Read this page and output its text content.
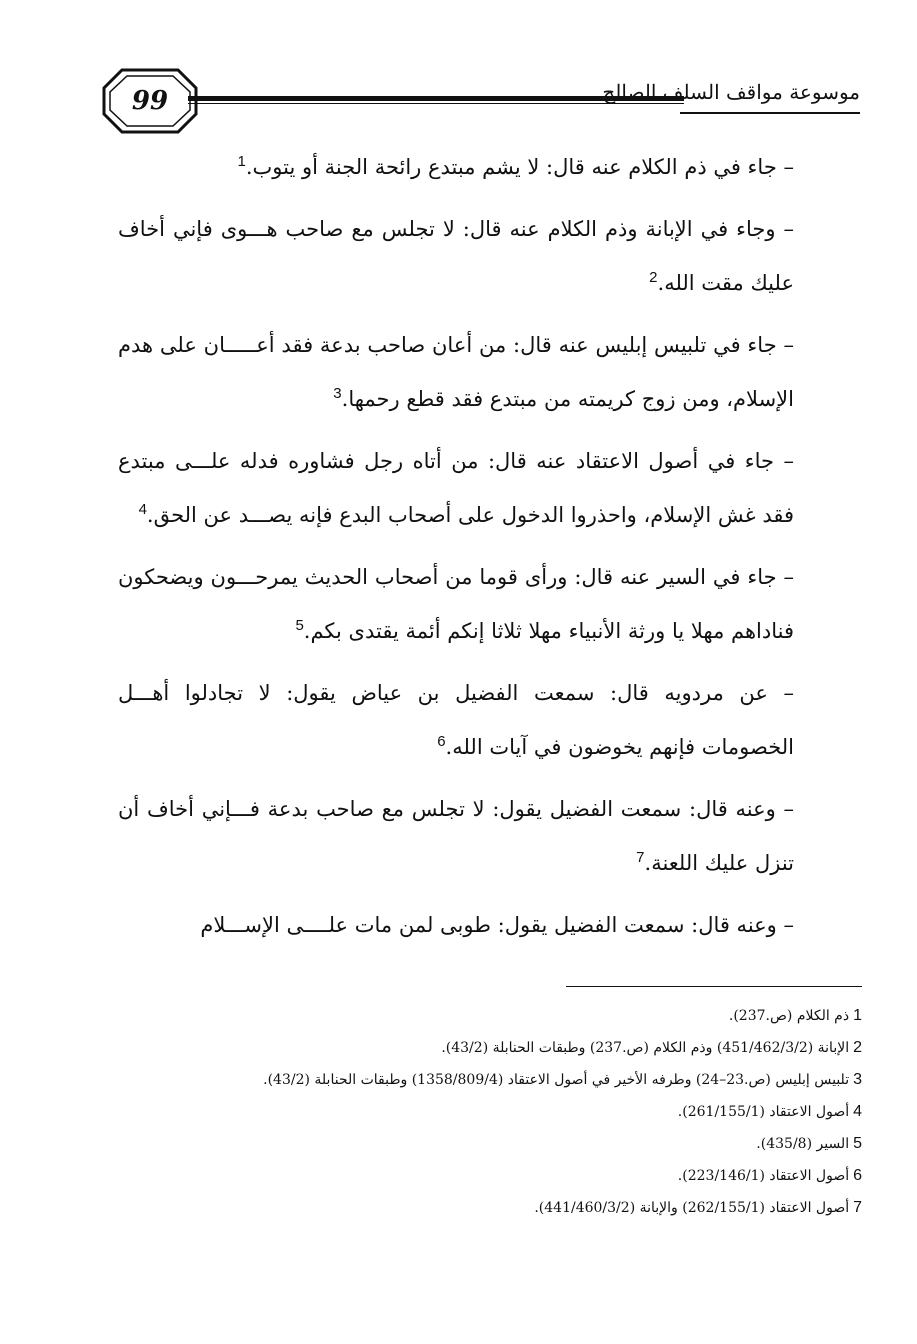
99	موسوعة مواقف السلف الصالح

– جاء في ذم الكلام عنه قال: لا يشم مبتدع رائحة الجنة أو يتوب.$^1$

– وجاء في الإبانة وذم الكلام عنه قال: لا تجلس مع صاحب هـــوى فإني أخاف عليك مقت الله.$^2$

– جاء في تلبيس إبليس عنه قال: من أعان صاحب بدعة فقد أعـــــان على هدم الإسلام، ومن زوج كريمته من مبتدع فقد قطع رحمها.$^3$

– جاء في أصول الاعتقاد عنه قال: من أتاه رجل فشاوره فدله علـــى مبتدع فقد غش الإسلام، واحذروا الدخول على أصحاب البدع فإنه يصـــد عن الحق.$^4$

– جاء في السير عنه قال: ورأى قوما من أصحاب الحديث يمرحـــون ويضحكون فناداهم مهلا يا ورثة الأنبياء مهلا ثلاثا إنكم أئمة يقتدى بكم.$^5$

– عن مردويه قال: سمعت الفضيل بن عياض يقول: لا تجادلوا أهـــل الخصومات فإنهم يخوضون في آيات الله.$^6$

– وعنه قال: سمعت الفضيل يقول: لا تجلس مع صاحب بدعة فـــإني أخاف أن تنزل عليك اللعنة.$^7$

– وعنه قال: سمعت الفضيل يقول: طوبى لمن مات علــــى الإســـلام

1ذم الكلام (ص.237).
2الإبانة (451/462/3/2) وذم الكلام (ص.237) وطبقات الحنابلة (43/2).
3تلبيس إبليس (ص.23–24) وطرفه الأخير في أصول الاعتقاد (1358/809/4) وطبقات الحنابلة (43/2).
4أصول الاعتقاد (261/155/1).
5السير (435/8).
6أصول الاعتقاد (223/146/1).
7أصول الاعتقاد (262/155/1) والإبانة (441/460/3/2).
